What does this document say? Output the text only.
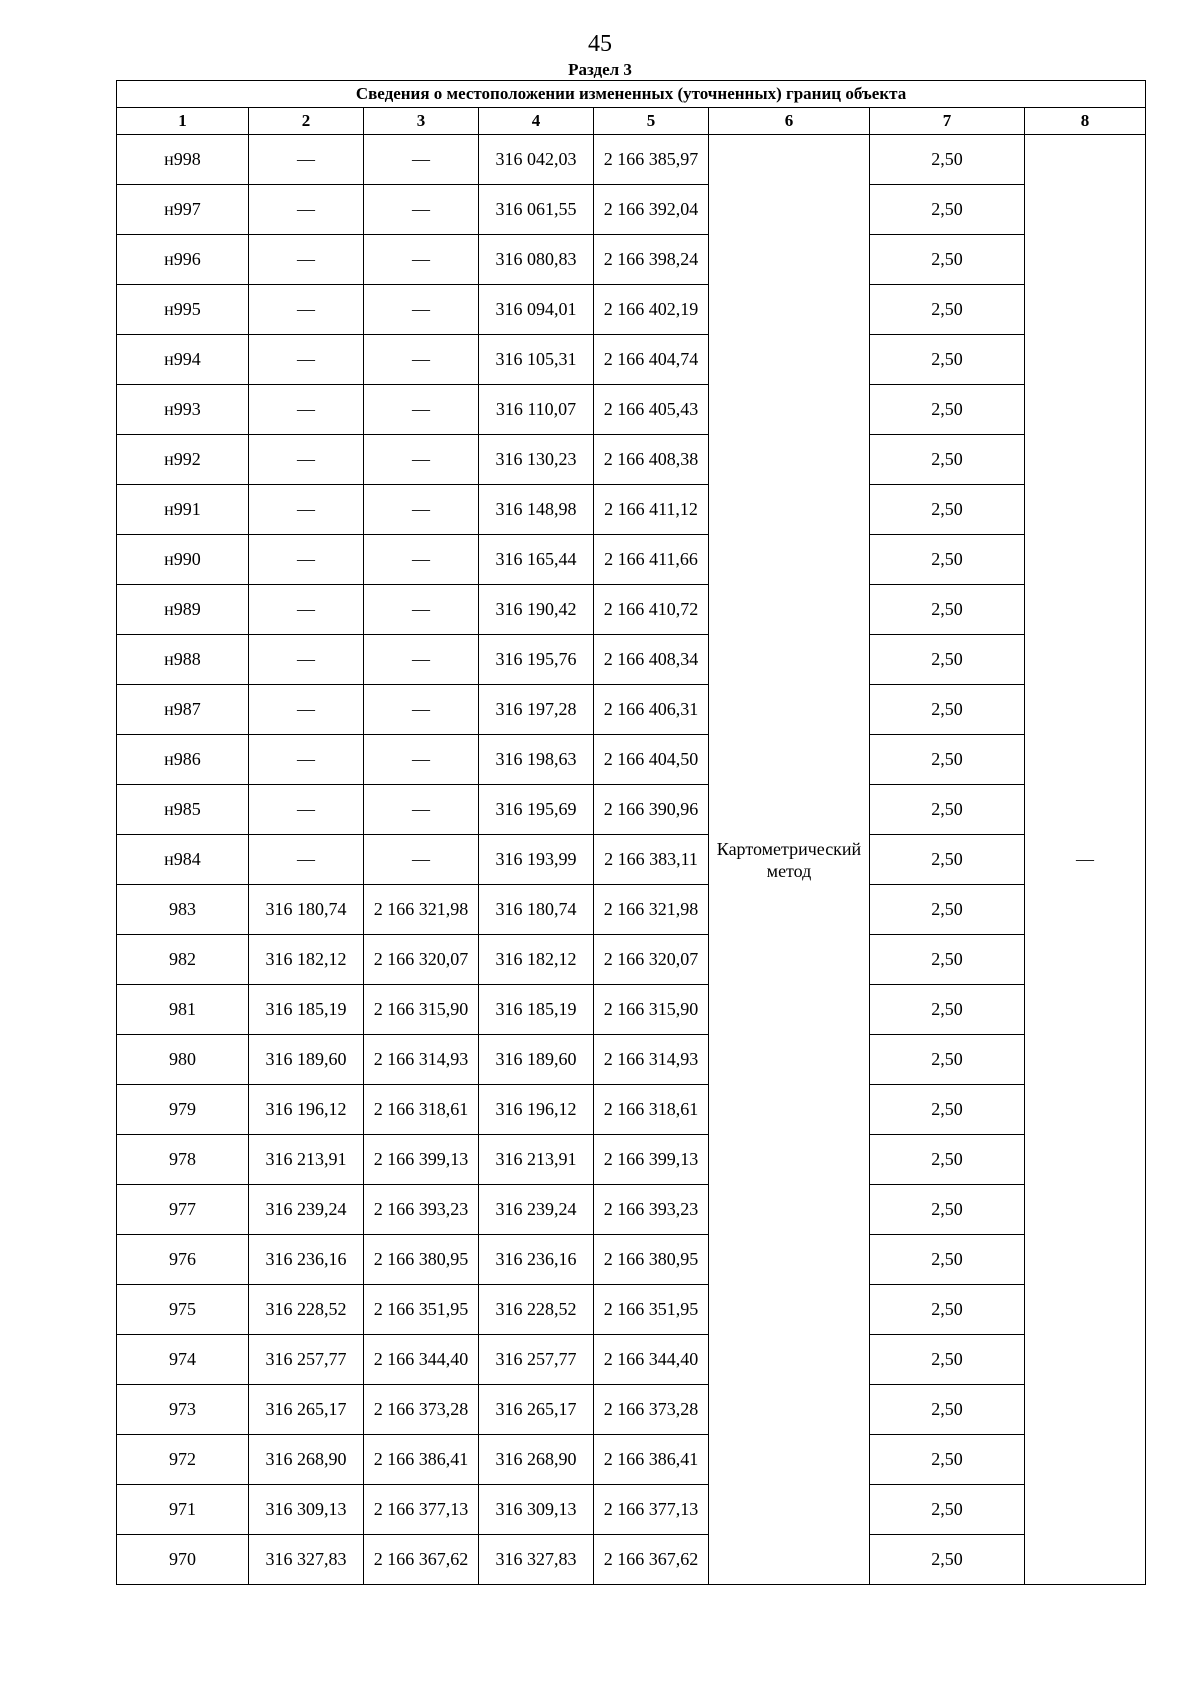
45
Раздел 3
Сведения о местоположении измененных (уточненных) границ объекта							
1	2	3	4	5	6	7	8
н998	—	—	316 042,03	2 166 385,97	Картометрический метод	2,50	—
н997	—	—	316 061,55	2 166 392,04		2,50	
н996	—	—	316 080,83	2 166 398,24		2,50	
н995	—	—	316 094,01	2 166 402,19		2,50	
н994	—	—	316 105,31	2 166 404,74		2,50	
н993	—	—	316 110,07	2 166 405,43		2,50	
н992	—	—	316 130,23	2 166 408,38		2,50	
н991	—	—	316 148,98	2 166 411,12		2,50	
н990	—	—	316 165,44	2 166 411,66		2,50	
н989	—	—	316 190,42	2 166 410,72		2,50	
н988	—	—	316 195,76	2 166 408,34		2,50	
н987	—	—	316 197,28	2 166 406,31		2,50	
н986	—	—	316 198,63	2 166 404,50		2,50	
н985	—	—	316 195,69	2 166 390,96		2,50	
н984	—	—	316 193,99	2 166 383,11		2,50	
983	316 180,74	2 166 321,98	316 180,74	2 166 321,98		2,50	
982	316 182,12	2 166 320,07	316 182,12	2 166 320,07		2,50	
981	316 185,19	2 166 315,90	316 185,19	2 166 315,90		2,50	
980	316 189,60	2 166 314,93	316 189,60	2 166 314,93		2,50	
979	316 196,12	2 166 318,61	316 196,12	2 166 318,61		2,50	
978	316 213,91	2 166 399,13	316 213,91	2 166 399,13		2,50	
977	316 239,24	2 166 393,23	316 239,24	2 166 393,23		2,50	
976	316 236,16	2 166 380,95	316 236,16	2 166 380,95		2,50	
975	316 228,52	2 166 351,95	316 228,52	2 166 351,95		2,50	
974	316 257,77	2 166 344,40	316 257,77	2 166 344,40		2,50	
973	316 265,17	2 166 373,28	316 265,17	2 166 373,28		2,50	
972	316 268,90	2 166 386,41	316 268,90	2 166 386,41		2,50	
971	316 309,13	2 166 377,13	316 309,13	2 166 377,13		2,50	
970	316 327,83	2 166 367,62	316 327,83	2 166 367,62		2,50	
